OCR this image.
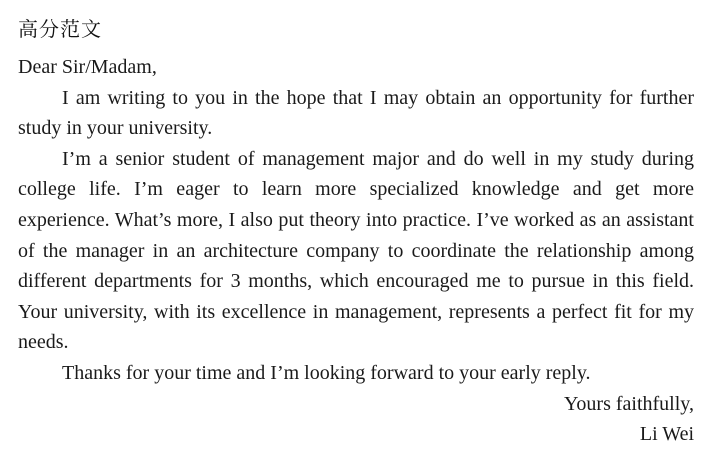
高分范文

Dear Sir/Madam,

I am writing to you in the hope that I may obtain an opportunity for further study in your university.

I’m a senior student of management major and do well in my study during college life. I’m eager to learn more specialized knowledge and get more experience. What’s more, I also put theory into practice. I’ve worked as an assistant of the manager in an architecture company to coordinate the relationship among different departments for 3 months, which encouraged me to pursue in this field. Your university, with its excellence in management, represents a perfect fit for my needs.

Thanks for your time and I’m looking forward to your early reply.

Yours faithfully,

Li Wei
